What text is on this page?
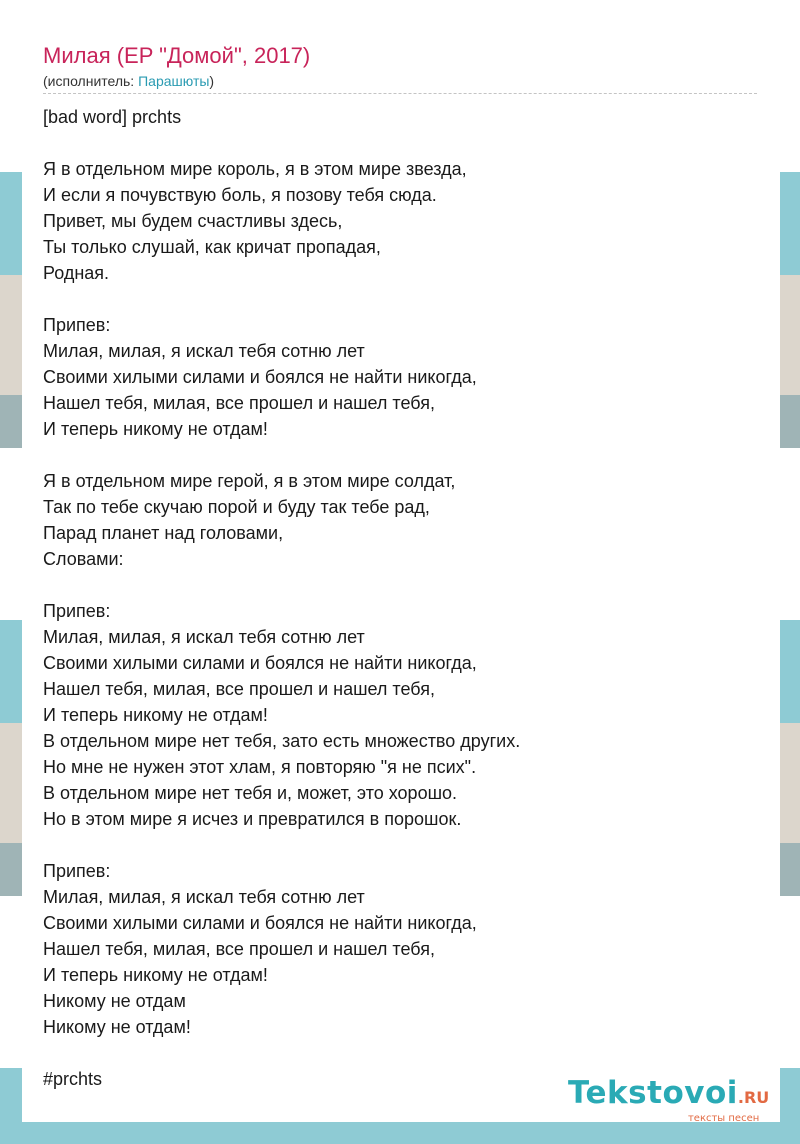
Милая (EP "Домой", 2017)
(исполнитель: Парашюты)
[bad word] prchts
Я в отдельном мире король, я в этом мире звезда,
И если я почувствую боль, я позову тебя сюда.
Привет, мы будем счастливы здесь,
Ты только слушай, как кричат пропадая,
Родная.
Припев:
Милая, милая, я искал тебя сотню лет
Своими хилыми силами и боялся не найти никогда,
Нашел тебя, милая, все прошел и нашел тебя,
И теперь никому не отдам!
Я в отдельном мире герой, я в этом мире солдат,
Так по тебе скучаю порой и буду так тебе рад,
Парад планет над головами,
Словами:
Припев:
Милая, милая, я искал тебя сотню лет
Своими хилыми силами и боялся не найти никогда,
Нашел тебя, милая, все прошел и нашел тебя,
И теперь никому не отдам!
В отдельном мире нет тебя, зато есть множество других.
Но мне не нужен этот хлам, я повторяю "я не псих".
В отдельном мире нет тебя и, может, это хорошо.
Но в этом мире я исчез и превратился в порошок.
Припев:
Милая, милая, я искал тебя сотню лет
Своими хилыми силами и боялся не найти никогда,
Нашел тебя, милая, все прошел и нашел тебя,
И теперь никому не отдам!
Никому не отдам
Никому не отдам!
#prchts	Tekstovoi.RU
тексты песен
